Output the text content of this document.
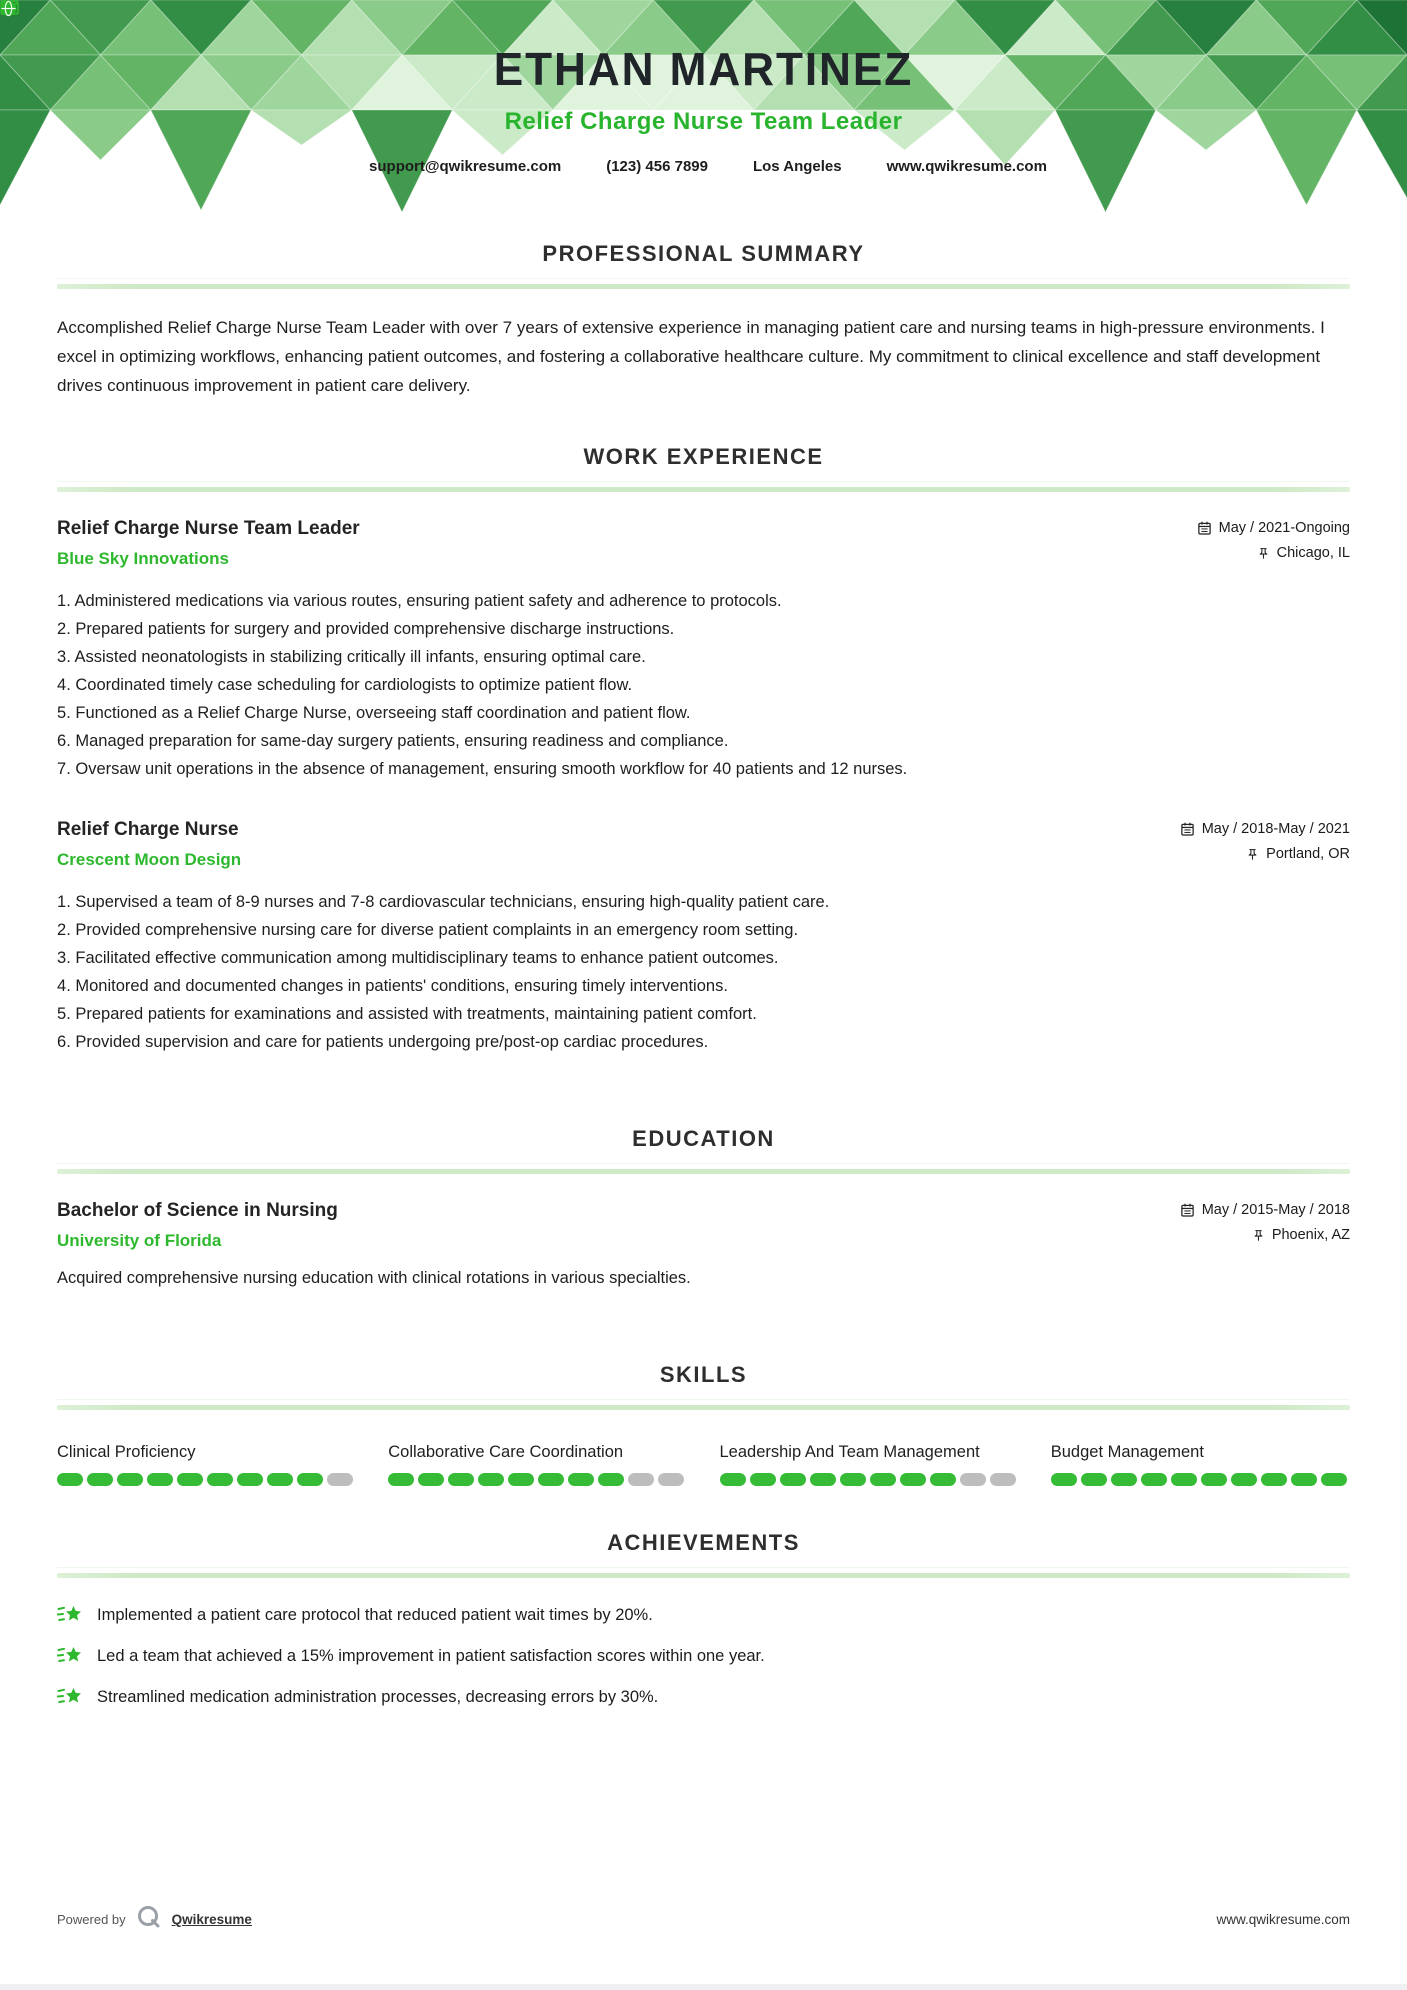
ETHAN MARTINEZ
Relief Charge Nurse Team Leader
support@qwikresume.com	(123) 456 7899	Los Angeles	www.qwikresume.com
PROFESSIONAL SUMMARY

Accomplished Relief Charge Nurse Team Leader with over 7 years of extensive experience in managing patient care and nursing teams in high-pressure environments. I excel in optimizing workflows, enhancing patient outcomes, and fostering a collaborative healthcare culture. My commitment to clinical excellence and staff development drives continuous improvement in patient care delivery.

WORK EXPERIENCE
Relief Charge Nurse Team Leader
Blue Sky Innovations
May / 2021-Ongoing
Chicago, IL
Administered medications via various routes, ensuring patient safety and adherence to protocols.
Prepared patients for surgery and provided comprehensive discharge instructions.
Assisted neonatologists in stabilizing critically ill infants, ensuring optimal care.
Coordinated timely case scheduling for cardiologists to optimize patient flow.
Functioned as a Relief Charge Nurse, overseeing staff coordination and patient flow.
Managed preparation for same-day surgery patients, ensuring readiness and compliance.
Oversaw unit operations in the absence of management, ensuring smooth workflow for 40 patients and 12 nurses.
Relief Charge Nurse
Crescent Moon Design
May / 2018-May / 2021
Portland, OR
Supervised a team of 8-9 nurses and 7-8 cardiovascular technicians, ensuring high-quality patient care.
Provided comprehensive nursing care for diverse patient complaints in an emergency room setting.
Facilitated effective communication among multidisciplinary teams to enhance patient outcomes.
Monitored and documented changes in patients' conditions, ensuring timely interventions.
Prepared patients for examinations and assisted with treatments, maintaining patient comfort.
Provided supervision and care for patients undergoing pre/post-op cardiac procedures.
EDUCATION
Bachelor of Science in Nursing
University of Florida
May / 2015-May / 2018
Phoenix, AZ
Acquired comprehensive nursing education with clinical rotations in various specialties.
SKILLS
Clinical Proficiency	Collaborative Care Coordination	Leadership And Team Management	Budget Management
ACHIEVEMENTS
Implemented a patient care protocol that reduced patient wait times by 20%.
Led a team that achieved a 15% improvement in patient satisfaction scores within one year.
Streamlined medication administration processes, decreasing errors by 30%.
Powered by	Qwikresume	www.qwikresume.com
